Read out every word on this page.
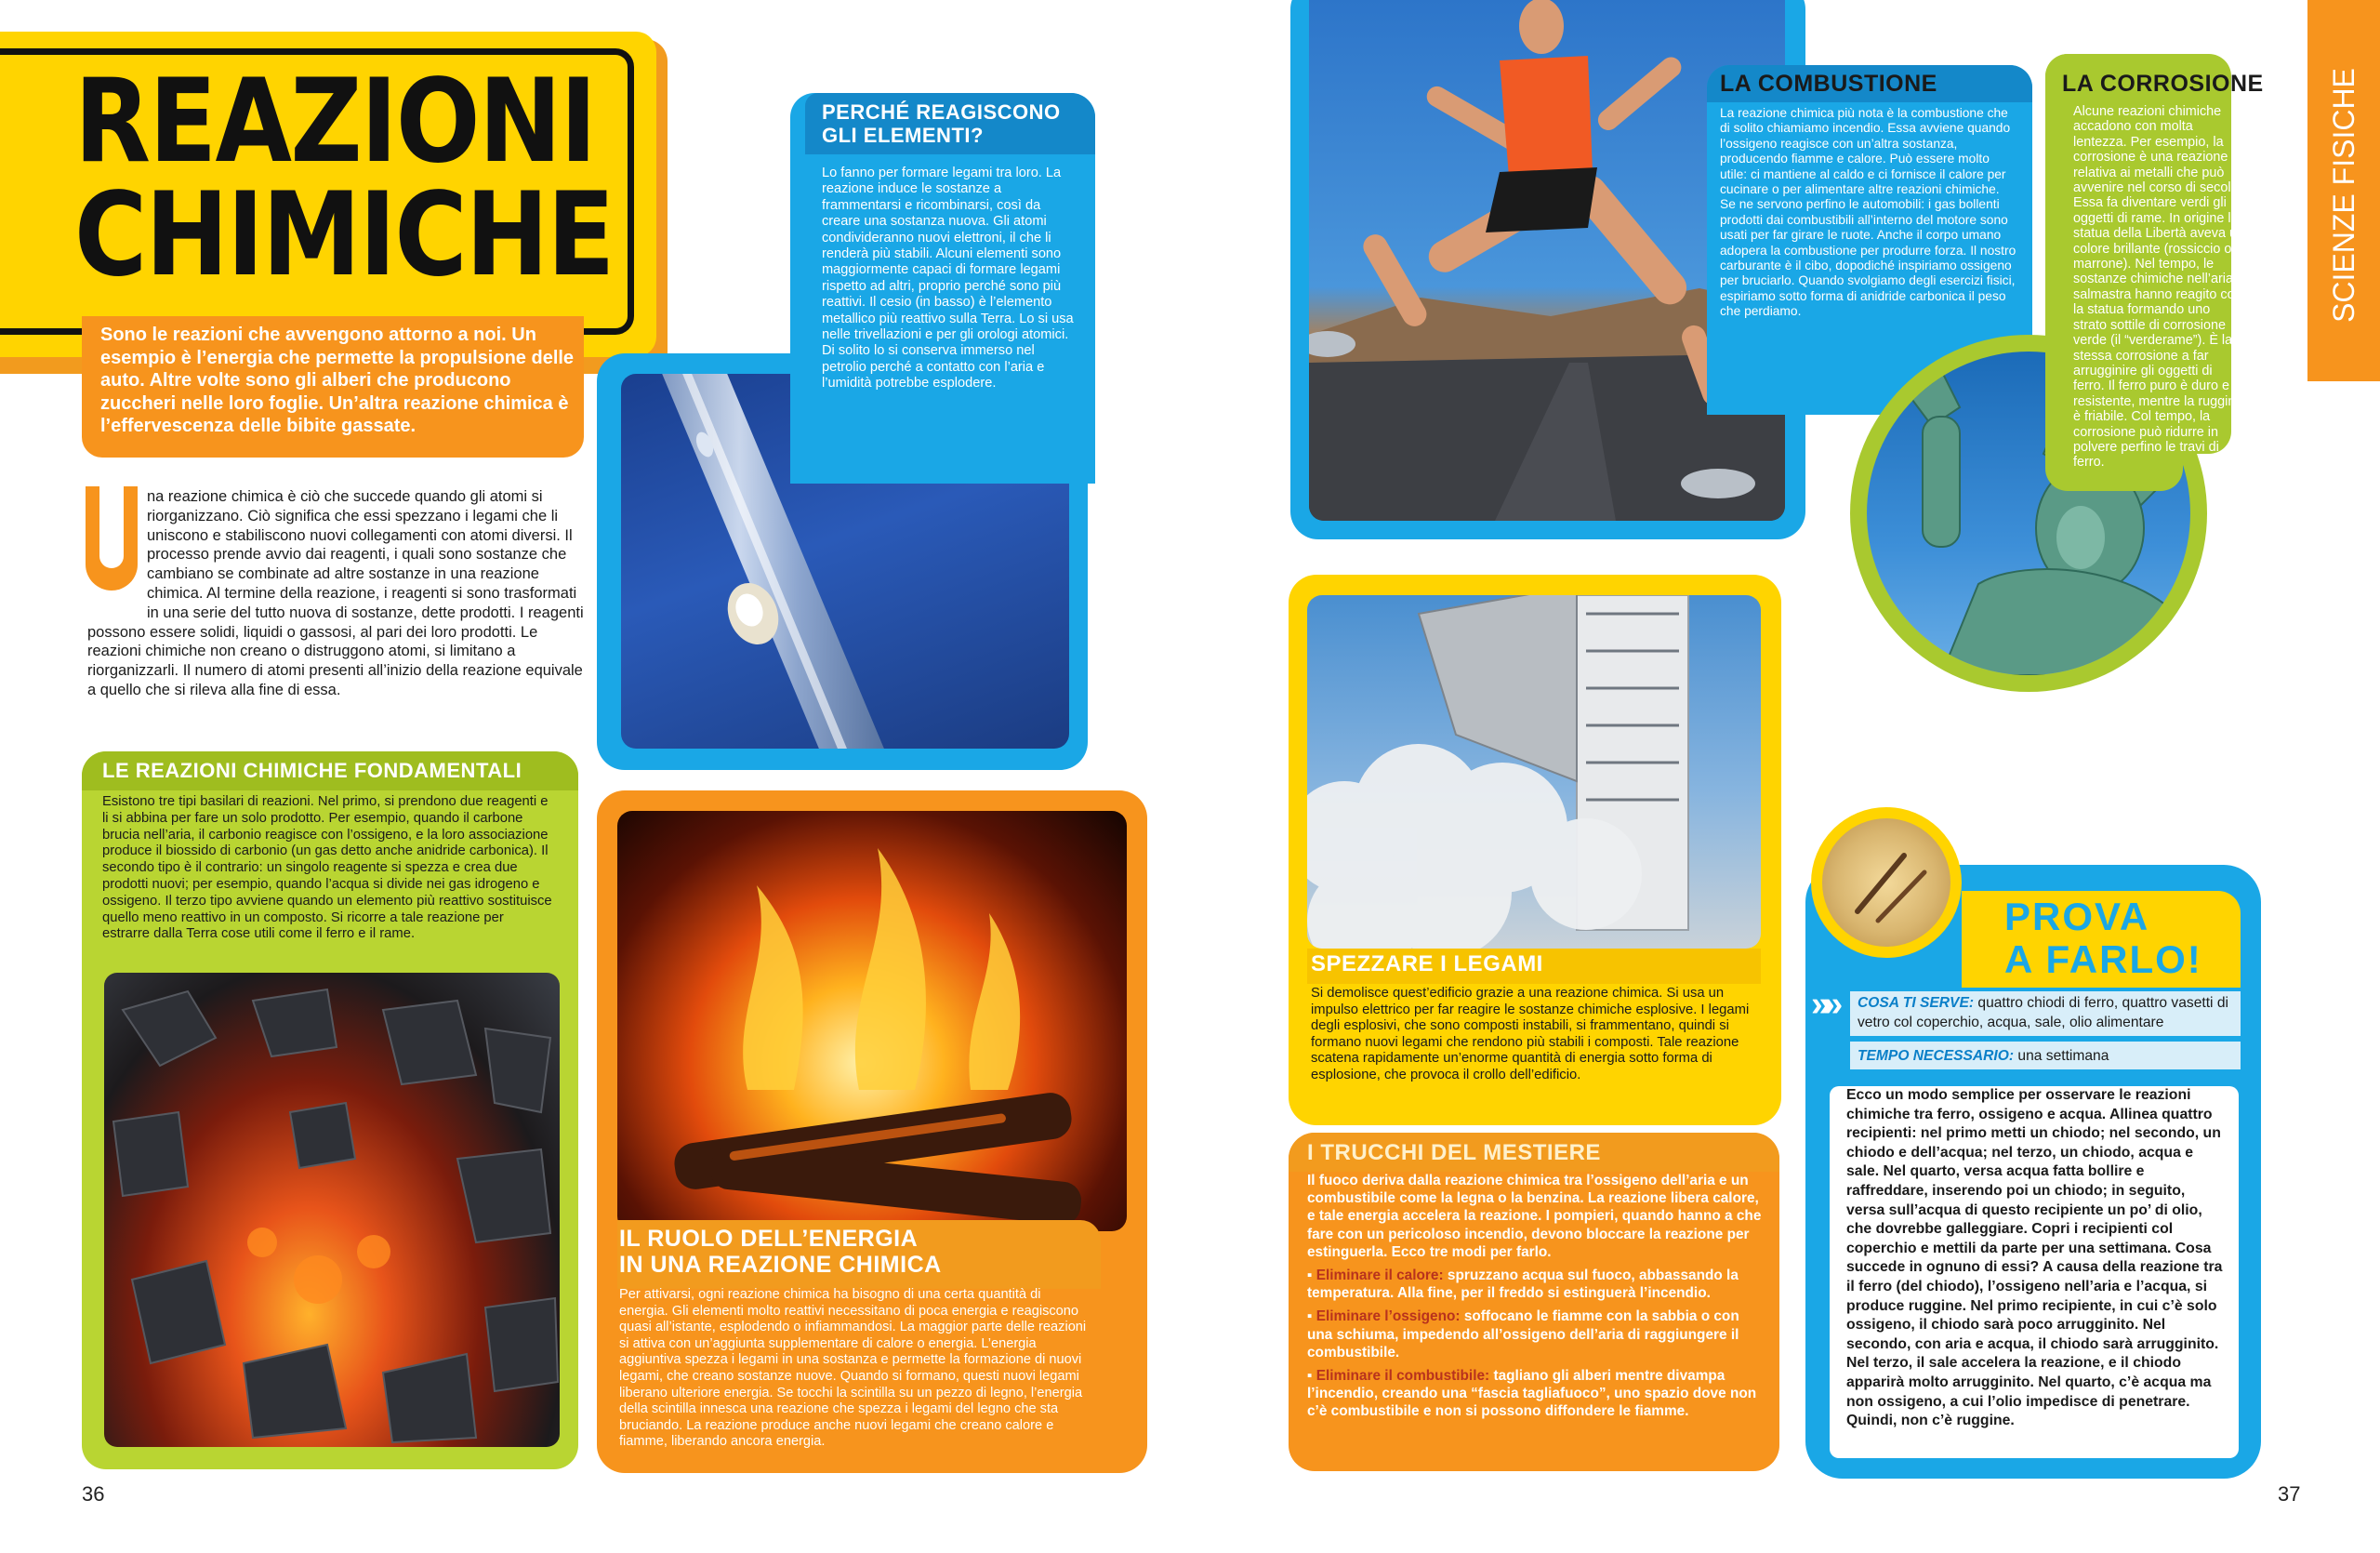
REAZIONI
CHIMICHE
Sono le reazioni che avvengono attorno a noi. Un esempio è l’energia che permette la propulsione delle auto. Altre volte sono gli alberi che producono zuccheri nelle loro foglie. Un’altra reazione chimica è l’effervescenza delle bibite gassate.
na reazione chimica è ciò che succede quando gli atomi si riorganizzano. Ciò significa che essi spezzano i legami che li uniscono e stabiliscono nuovi collegamenti con atomi diversi. Il processo prende avvio dai reagenti, i quali sono sostanze che cambiano se combinate ad altre sostanze in una reazione chimica. Al termine della reazione, i reagenti si sono trasformati in una serie del tutto nuova di sostanze, dette prodotti. I reagenti possono essere solidi, liquidi o gassosi, al pari dei loro prodotti. Le reazioni chimiche non creano o distruggono atomi, si limitano a riorganizzarli. Il numero di atomi presenti all’inizio della reazione equivale a quello che si rileva alla fine di essa.
PERCHÉ REAGISCONO GLI ELEMENTI?
Lo fanno per formare legami tra loro. La reazione induce le sostanze a frammentarsi e ricombinarsi, così da creare una sostanza nuova. Gli atomi condivideranno nuovi elettroni, il che li renderà più stabili. Alcuni elementi sono maggiormente capaci di formare legami rispetto ad altri, proprio perché sono più reattivi. Il cesio (in basso) è l’elemento metallico più reattivo sulla Terra. Lo si usa nelle trivellazioni e per gli orologi atomici. Di solito lo si conserva immerso nel petrolio perché a contatto con l’aria e l’umidità potrebbe esplodere.
LE REAZIONI CHIMICHE FONDAMENTALI
Esistono tre tipi basilari di reazioni. Nel primo, si prendono due reagenti e li si abbina per fare un solo prodotto. Per esempio, quando il carbone brucia nell’aria, il carbonio reagisce con l’ossigeno, e la loro associazione produce il biossido di carbonio (un gas detto anche anidride carbonica). Il secondo tipo è il contrario: un singolo reagente si spezza e crea due prodotti nuovi; per esempio, quando l’acqua si divide nei gas idrogeno e ossigeno. Il terzo tipo avviene quando un elemento più reattivo sostituisce quello meno reattivo in un composto. Si ricorre a tale reazione per estrarre dalla Terra cose utili come il ferro e il rame.
IL RUOLO DELL’ENERGIA
IN UNA REAZIONE CHIMICA
Per attivarsi, ogni reazione chimica ha bisogno di una certa quantità di energia. Gli elementi molto reattivi necessitano di poca energia e reagiscono quasi all’istante, esplodendo o infiammandosi. La maggior parte delle reazioni si attiva con un’aggiunta supplementare di calore o energia. L’energia aggiuntiva spezza i legami in una sostanza e permette la formazione di nuovi legami, che creano sostanze nuove. Quando si formano, questi nuovi legami liberano ulteriore energia. Se tocchi la scintilla su un pezzo di legno, l’energia della scintilla innesca una reazione che spezza i legami del legno che sta bruciando. La reazione produce anche nuovi legami che creano calore e fiamme, liberando ancora energia.
36
LA COMBUSTIONE
La reazione chimica più nota è la combustione che di solito chiamiamo incendio. Essa avviene quando l’ossigeno reagisce con un’altra sostanza, producendo fiamme e calore. Può essere molto utile: ci mantiene al caldo e ci fornisce il calore per cucinare o per alimentare altre reazioni chimiche. Se ne servono perfino le automobili: i gas bollenti prodotti dai combustibili all’interno del motore sono usati per far girare le ruote. Anche il corpo umano adopera la combustione per produrre forza. Il nostro carburante è il cibo, dopodiché inspiriamo ossigeno per bruciarlo. Quando svolgiamo degli esercizi fisici, espiriamo sotto forma di anidride carbonica il peso che perdiamo.
LA CORROSIONE
Alcune reazioni chimiche accadono con molta lentezza. Per esempio, la corrosione è una reazione relativa ai metalli che può avvenire nel corso di secoli. Essa fa diventare verdi gli oggetti di rame. In origine la statua della Libertà aveva un colore brillante (rossiccio o marrone). Nel tempo, le sostanze chimiche nell’aria salmastra hanno reagito con la statua formando uno strato sottile di corrosione verde (il “verderame”). È la stessa corrosione a far arrugginire gli oggetti di ferro. Il ferro puro è duro e resistente, mentre la ruggine è friabile. Col tempo, la corrosione può ridurre in polvere perfino le travi di ferro.
SCIENZE FISICHE
SPEZZARE I LEGAMI
Si demolisce quest’edificio grazie a una reazione chimica. Si usa un impulso elettrico per far reagire le sostanze chimiche esplosive. I legami degli esplosivi, che sono composti instabili, si frammentano, quindi si formano nuovi legami che rendono più stabili i composti. Tale reazione scatena rapidamente un’enorme quantità di energia sotto forma di esplosione, che provoca il crollo dell’edificio.
I TRUCCHI DEL MESTIERE
Il fuoco deriva dalla reazione chimica tra l’ossigeno dell’aria e un combustibile come la legna o la benzina. La reazione libera calore, e tale energia accelera la reazione. I pompieri, quando hanno a che fare con un pericoloso incendio, devono bloccare la reazione per estinguerla. Ecco tre modi per farlo.
▪ Eliminare il calore: spruzzano acqua sul fuoco, abbassando la temperatura. Alla fine, per il freddo si estinguerà l’incendio.
▪ Eliminare l’ossigeno: soffocano le fiamme con la sabbia o con una schiuma, impedendo all’ossigeno dell’aria di raggiungere il combustibile.
▪ Eliminare il combustibile: tagliano gli alberi mentre divampa l’incendio, creando una “fascia tagliafuoco”, uno spazio dove non c’è combustibile e non si possono diffondere le fiamme.
PROVA
A FARLO!
»» COSA TI SERVE: quattro chiodi di ferro, quattro vasetti di vetro col coperchio, acqua, sale, olio alimentare
TEMPO NECESSARIO: una settimana
Ecco un modo semplice per osservare le reazioni chimiche tra ferro, ossigeno e acqua. Allinea quattro recipienti: nel primo metti un chiodo; nel secondo, un chiodo e dell’acqua; nel terzo, un chiodo, acqua e sale. Nel quarto, versa acqua fatta bollire e raffreddare, inserendo poi un chiodo; in seguito, versa sull’acqua di questo recipiente un po’ di olio, che dovrebbe galleggiare. Copri i recipienti col coperchio e mettili da parte per una settimana. Cosa succede in ognuno di essi? A causa della reazione tra il ferro (del chiodo), l’ossigeno nell’aria e l’acqua, si produce ruggine. Nel primo recipiente, in cui c’è solo ossigeno, il chiodo sarà poco arrugginito. Nel secondo, con aria e acqua, il chiodo sarà arrugginito. Nel terzo, il sale accelera la reazione, e il chiodo apparirà molto arrugginito. Nel quarto, c’è acqua ma non ossigeno, a cui l’olio impedisce di penetrare. Quindi, non c’è ruggine.
37
